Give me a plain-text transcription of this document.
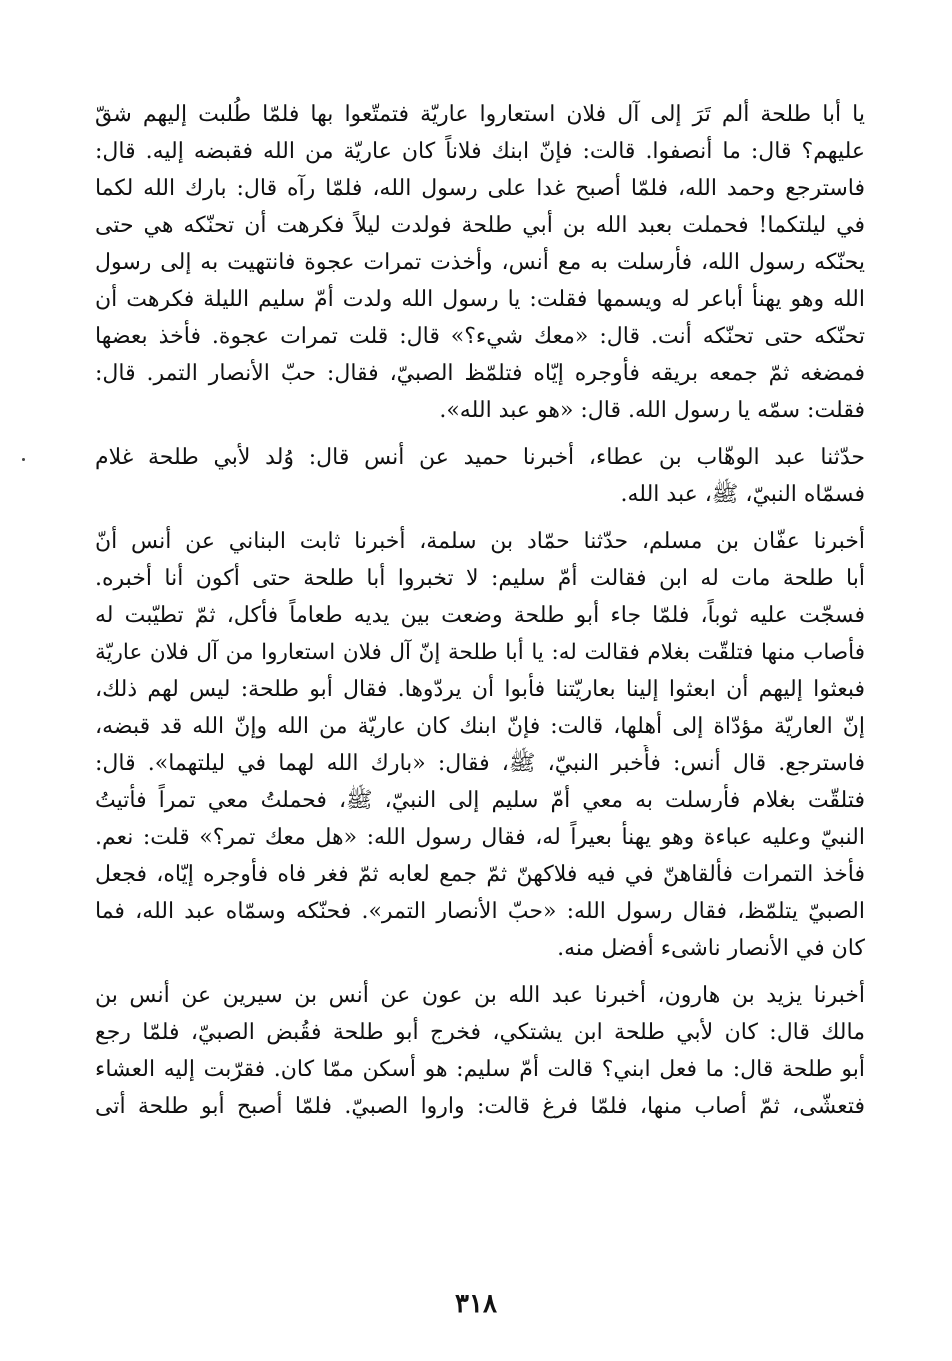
يا أبا طلحة ألم تَرَ إلى آل فلان استعاروا عاريّة فتمتّعوا بها فلمّا طُلبت إليهم شقّ
عليهم؟ قال: ما أنصفوا. قالت: فإنّ ابنك فلاناً كان عاريّة من الله فقبضه إليه. قال:
فاسترجع وحمد الله، فلمّا أصبح غدا على رسول الله، فلمّا رآه قال: بارك الله لكما
في ليلتكما! فحملت بعبد الله بن أبي طلحة فولدت ليلاً فكرهت أن تحنّكه هي حتى
يحنّكه رسول الله، فأرسلت به مع أنس، وأخذت تمرات عجوة فانتهيت به إلى رسول
الله وهو يهنأ أباعر له ويسمها فقلت: يا رسول الله ولدت أمّ سليم الليلة فكرهت أن
تحنّكه حتى تحنّكه أنت. قال: «معك شيء؟» قال: قلت تمرات عجوة. فأخذ بعضها
فمضغه ثمّ جمعه بريقه فأوجره إيّاه فتلمّظ الصبيّ، فقال: حبّ الأنصار التمر. قال:
فقلت: سمّه يا رسول الله. قال: «هو عبد الله».
حدّثنا عبد الوهّاب بن عطاء، أخبرنا حميد عن أنس قال: وُلد لأبي طلحة غلام
فسمّاه النبيّ، ﷺ، عبد الله.
أخبرنا عفّان بن مسلم، حدّثنا حمّاد بن سلمة، أخبرنا ثابت البناني عن أنس أنّ
أبا طلحة مات له ابن فقالت أمّ سليم: لا تخبروا أبا طلحة حتى أكون أنا أخبره.
فسجّت عليه ثوباً، فلمّا جاء أبو طلحة وضعت بين يديه طعاماً فأكل، ثمّ تطيّبت له
فأصاب منها فتلقّت بغلام فقالت له: يا أبا طلحة إنّ آل فلان استعاروا من آل فلان عاريّة
فبعثوا إليهم أن ابعثوا إلينا بعاريّتنا فأبوا أن يردّوها. فقال أبو طلحة: ليس لهم ذلك،
إنّ العاريّة مؤدّاة إلى أهلها، قالت: فإنّ ابنك كان عاريّة من الله وإنّ الله قد قبضه،
فاسترجع. قال أنس: فأُخبر النبيّ، ﷺ، فقال: «بارك الله لهما في ليلتهما». قال:
فتلقّت بغلام فأرسلت به معي أمّ سليم إلى النبيّ، ﷺ، فحملتُ معي تمراً فأتيتُ
النبيّ وعليه عباءة وهو يهنأ بعيراً له، فقال رسول الله: «هل معك تمر؟» قلت: نعم.
فأخذ التمرات فألقاهنّ في فيه فلاكهنّ ثمّ جمع لعابه ثمّ فغر فاه فأوجره إيّاه، فجعل
الصبيّ يتلمّظ، فقال رسول الله: «حبّ الأنصار التمر». فحنّكه وسمّاه عبد الله، فما
كان في الأنصار ناشىء أفضل منه.
أخبرنا يزيد بن هارون، أخبرنا عبد الله بن عون عن أنس بن سيرين عن أنس بن
مالك قال: كان لأبي طلحة ابن يشتكي، فخرج أبو طلحة فقُبض الصبيّ، فلمّا رجع
أبو طلحة قال: ما فعل ابني؟ قالت أمّ سليم: هو أسكن ممّا كان. فقرّبت إليه العشاء
فتعشّى، ثمّ أصاب منها، فلمّا فرغ قالت: واروا الصبيّ. فلمّا أصبح أبو طلحة أتى
٣١٨
